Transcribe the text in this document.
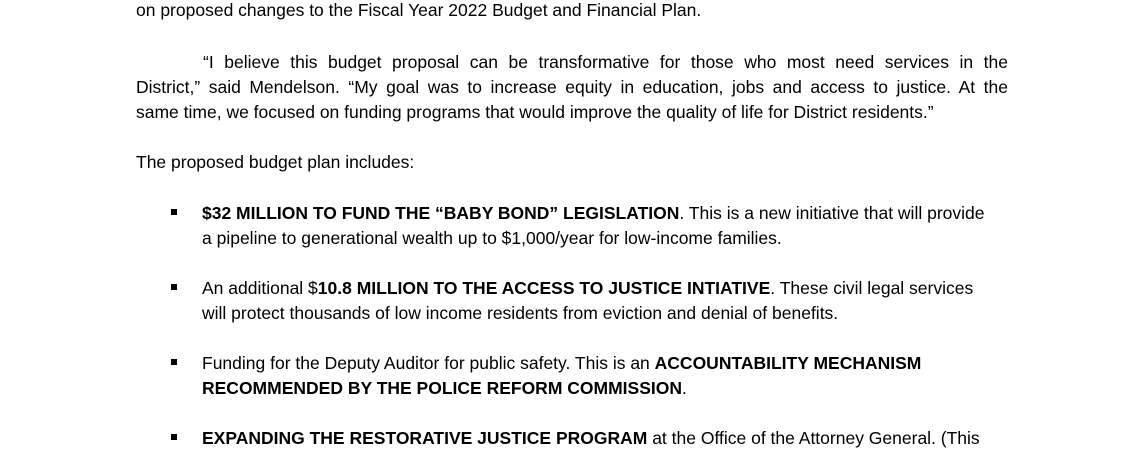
on proposed changes to the Fiscal Year 2022 Budget and Financial Plan.
“I believe this budget proposal can be transformative for those who most need services in the
District,” said Mendelson. “My goal was to increase equity in education, jobs and access to justice. At the
same time, we focused on funding programs that would improve the quality of life for District residents.”
The proposed budget plan includes:
$32 MILLION TO FUND THE “BABY BOND” LEGISLATION. This is a new initiative that will provide
a pipeline to generational wealth up to $1,000/year for low-income families.
An additional $10.8 MILLION TO THE ACCESS TO JUSTICE INTIATIVE. These civil legal services
will protect thousands of low income residents from eviction and denial of benefits.
Funding for the Deputy Auditor for public safety. This is an ACCOUNTABILITY MECHANISM
RECOMMENDED BY THE POLICE REFORM COMMISSION.
EXPANDING THE RESTORATIVE JUSTICE PROGRAM at the Office of the Attorney General. (This
